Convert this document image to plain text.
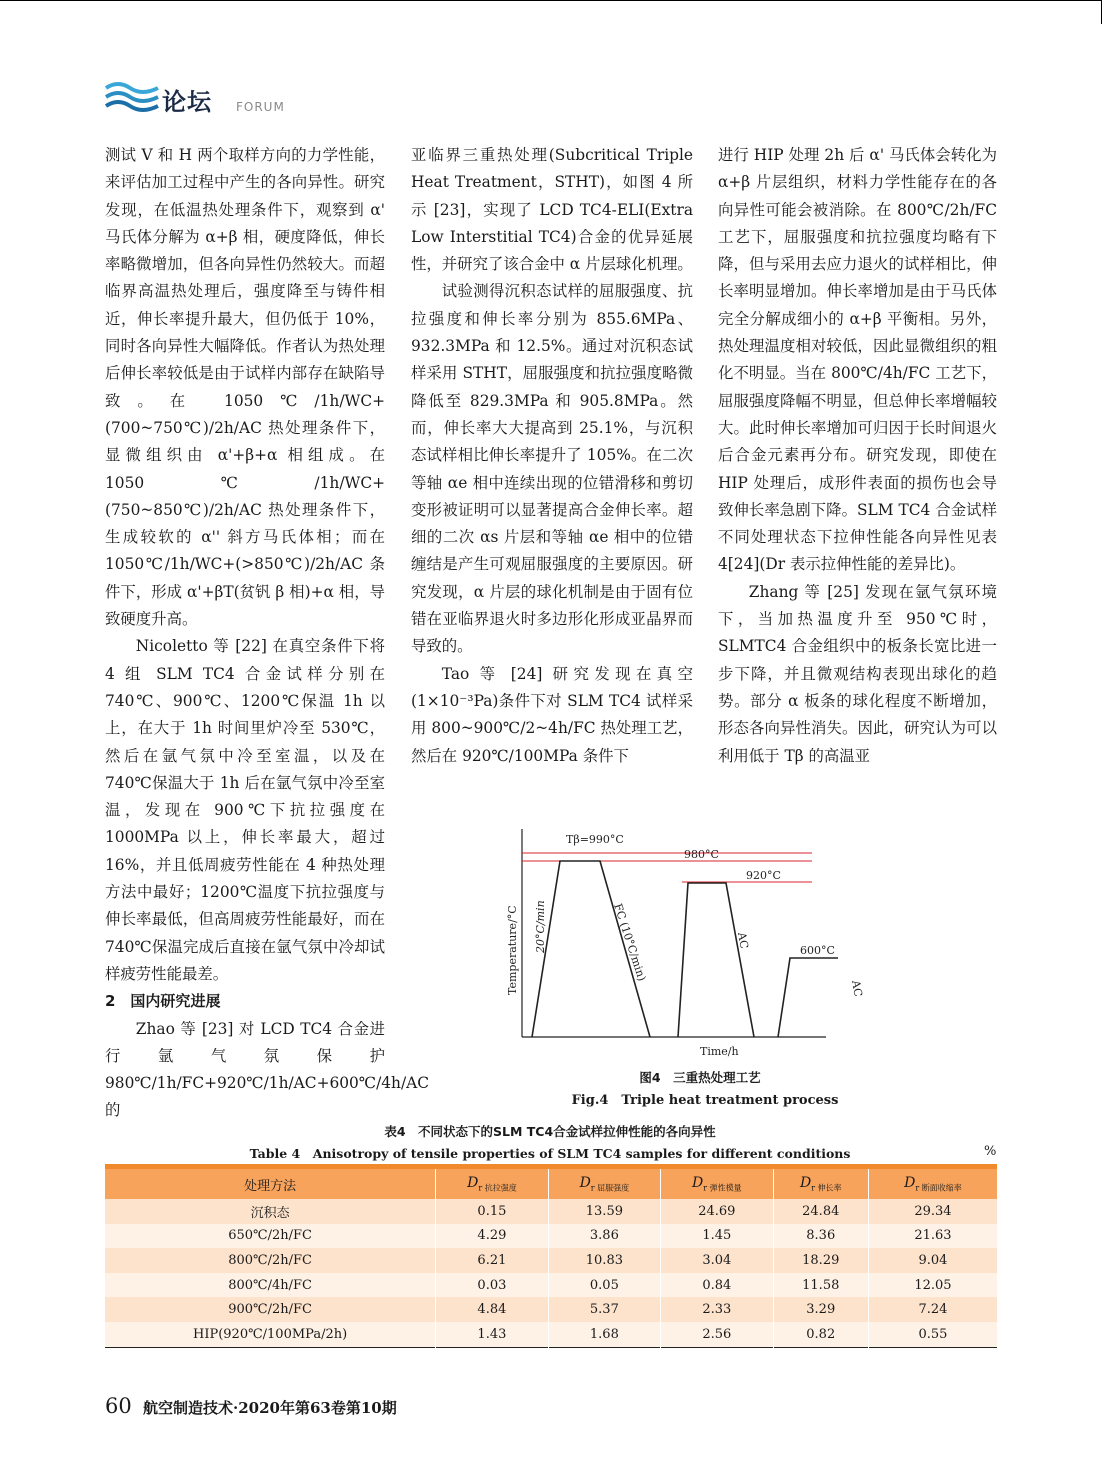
论坛 FORUM

测试 V 和 H 两个取样方向的力学性能，来评估加工过程中产生的各向异性。研究发现，在低温热处理条件下，观察到 α' 马氏体分解为 α+β 相，硬度降低，伸长率略微增加，但各向异性仍然较大。而超临界高温热处理后，强度降至与铸件相近，伸长率提升最大，但仍低于 10%，同时各向异性大幅降低。作者认为热处理后伸长率较低是由于试样内部存在缺陷导致。在 1050℃/1h/WC+(700~750℃)/2h/AC 热处理条件下，显微组织由 α'+β+α 相组成。在 1050℃/1h/WC+(750~850℃)/2h/AC 热处理条件下，生成较软的 α'' 斜方马氏体相；而在 1050℃/1h/WC+(>850℃)/2h/AC 条件下，形成 α'+βT(贫钒 β 相)+α 相，导致硬度升高。

Nicoletto 等 [22] 在真空条件下将 4 组 SLM TC4 合金试样分别在 740℃、900℃、1200℃保温 1h 以上，在大于 1h 时间里炉冷至 530℃，然后在氩气氛中冷至室温，以及在 740℃保温大于 1h 后在氩气氛中冷至室温，发现在 900℃下抗拉强度在 1000MPa 以上，伸长率最大，超过 16%，并且低周疲劳性能在 4 种热处理方法中最好；1200℃温度下抗拉强度与伸长率最低，但高周疲劳性能最好，而在 740℃保温完成后直接在氩气氛中冷却试样疲劳性能最差。

2　国内研究进展

Zhao 等 [23] 对 LCD TC4 合金进行氩气氛保护 980℃/1h/FC+920℃/1h/AC+600℃/4h/AC 的

亚临界三重热处理(Subcritical Triple Heat Treatment，STHT)，如图 4 所示 [23]，实现了 LCD TC4-ELI(Extra Low Interstitial TC4)合金的优异延展性，并研究了该合金中 α 片层球化机理。

试验测得沉积态试样的屈服强度、抗拉强度和伸长率分别为 855.6MPa、932.3MPa 和 12.5%。通过对沉积态试样采用 STHT，屈服强度和抗拉强度略微降低至 829.3MPa 和 905.8MPa。然而，伸长率大大提高到 25.1%，与沉积态试样相比伸长率提升了 105%。在二次等轴 αe 相中连续出现的位错滑移和剪切变形被证明可以显著提高合金伸长率。超细的二次 αs 片层和等轴 αe 相中的位错缠结是产生可观屈服强度的主要原因。研究发现，α 片层的球化机制是由于固有位错在亚临界退火时多边形化形成亚晶界而导致的。

Tao 等 [24] 研究发现在真空(1×10⁻³Pa)条件下对 SLM TC4 试样采用 800~900℃/2~4h/FC 热处理工艺，然后在 920℃/100MPa 条件下

进行 HIP 处理 2h 后 α' 马氏体会转化为 α+β 片层组织，材料力学性能存在的各向异性可能会被消除。在 800℃/2h/FC 工艺下，屈服强度和抗拉强度均略有下降，但与采用去应力退火的试样相比，伸长率明显增加。伸长率增加是由于马氏体完全分解成细小的 α+β 平衡相。另外，热处理温度相对较低，因此显微组织的粗化不明显。当在 800℃/4h/FC 工艺下，屈服强度降幅不明显，但总伸长率增幅较大。此时伸长率增加可归因于长时间退火后合金元素再分布。研究发现，即使在 HIP 处理后，成形件表面的损伤也会导致伸长率急剧下降。SLM TC4 合金试样不同处理状态下拉伸性能各向异性见表 4[24](Dr 表示拉伸性能的差异比)。

Zhang 等 [25] 发现在氩气氛环境下，当加热温度升至 950℃时，SLMTC4 合金组织中的板条长宽比进一步下降，并且微观结构表现出球化的趋势。部分 α 板条的球化程度不断增加，形态各向异性消失。因此，研究认为可以利用低于 Tβ 的高温亚

Tβ=990°C
980°C
920°C
600°C
20°C/min	FC (10°C/min)	AC
AC
Temperature/°C
Time/h
图4　三重热处理工艺
Fig.4　Triple heat treatment process
表4　不同状态下的SLM TC4合金试样拉伸性能的各向异性
Table 4　Anisotropy of tensile properties of SLM TC4 samples for different conditions	%
处理方法	$D_r$ $_{抗拉强度}$	$D_r$ $_{屈服强度}$	$D_r$ $_{弹性模量}$	$D_r$ $_{伸长率}$	$D_r$ $_{断面收缩率}$
沉积态	0.15	13.59	24.69	24.84	29.34
650℃/2h/FC	4.29	3.86	1.45	8.36	21.63
800℃/2h/FC	6.21	10.83	3.04	18.29	9.04
800℃/4h/FC	0.03	0.05	0.84	11.58	12.05
900℃/2h/FC	4.84	5.37	2.33	3.29	7.24
HIP(920℃/100MPa/2h)	1.43	1.68	2.56	0.82	0.55
60 航空制造技术·2020年第63卷第10期
